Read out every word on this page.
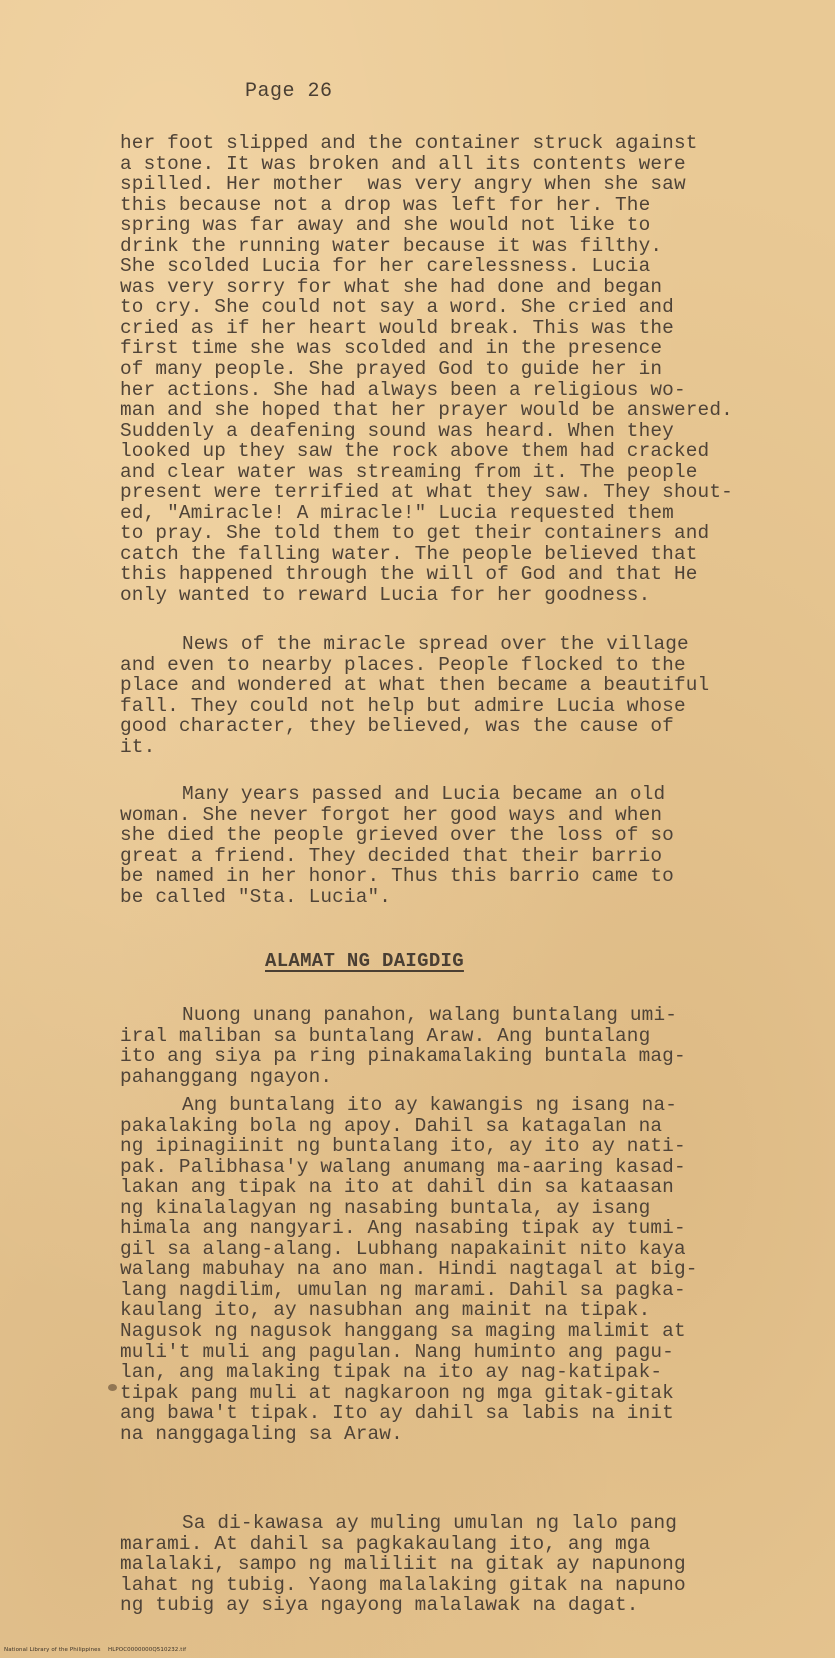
Page 26
her foot slipped and the container struck against
a stone. It was broken and all its contents were
spilled. Her mother  was very angry when she saw
this because not a drop was left for her. The
spring was far away and she would not like to
drink the running water because it was filthy.
She scolded Lucia for her carelessness. Lucia
was very sorry for what she had done and began
to cry. She could not say a word. She cried and
cried as if her heart would break. This was the
first time she was scolded and in the presence
of many people. She prayed God to guide her in
her actions. She had always been a religious wo-
man and she hoped that her prayer would be answered.
Suddenly a deafening sound was heard. When they
looked up they saw the rock above them had cracked
and clear water was streaming from it. The people
present were terrified at what they saw. They shout-
ed, "Amiracle! A miracle!" Lucia requested them
to pray. She told them to get their containers and
catch the falling water. The people believed that
this happened through the will of God and that He
only wanted to reward Lucia for her goodness.
News of the miracle spread over the village
and even to nearby places. People flocked to the
place and wondered at what then became a beautiful
fall. They could not help but admire Lucia whose
good character, they believed, was the cause of
it.
Many years passed and Lucia became an old
woman. She never forgot her good ways and when
she died the people grieved over the loss of so
great a friend. They decided that their barrio
be named in her honor. Thus this barrio came to
be called "Sta. Lucia".
ALAMAT NG DAIGDIG
Nuong unang panahon, walang buntalang umi-
iral maliban sa buntalang Araw. Ang buntalang
ito ang siya pa ring pinakamalaking buntala mag-
pahanggang ngayon.
Ang buntalang ito ay kawangis ng isang na-
pakalaking bola ng apoy. Dahil sa katagalan na
ng ipinagiinit ng buntalang ito, ay ito ay nati-
pak. Palibhasa'y walang anumang ma-aaring kasad-
lakan ang tipak na ito at dahil din sa kataasan
ng kinalalagyan ng nasabing buntala, ay isang
himala ang nangyari. Ang nasabing tipak ay tumi-
gil sa alang-alang. Lubhang napakainit nito kaya
walang mabuhay na ano man. Hindi nagtagal at big-
lang nagdilim, umulan ng marami. Dahil sa pagka-
kaulang ito, ay nasubhan ang mainit na tipak.
Nagusok ng nagusok hanggang sa maging malimit at
muli't muli ang pagulan. Nang huminto ang pagu-
lan, ang malaking tipak na ito ay nag-katipak-
tipak pang muli at nagkaroon ng mga gitak-gitak
ang bawa't tipak. Ito ay dahil sa labis na init
na nanggagaling sa Araw.
Sa di-kawasa ay muling umulan ng lalo pang
marami. At dahil sa pagkakaulang ito, ang mga
malalaki, sampo ng maliliit na gitak ay napunong
lahat ng tubig. Yaong malalaking gitak na napuno
ng tubig ay siya ngayong malalawak na dagat.
National Library of the Philippines    HLPOC0000000Q510232.tif
